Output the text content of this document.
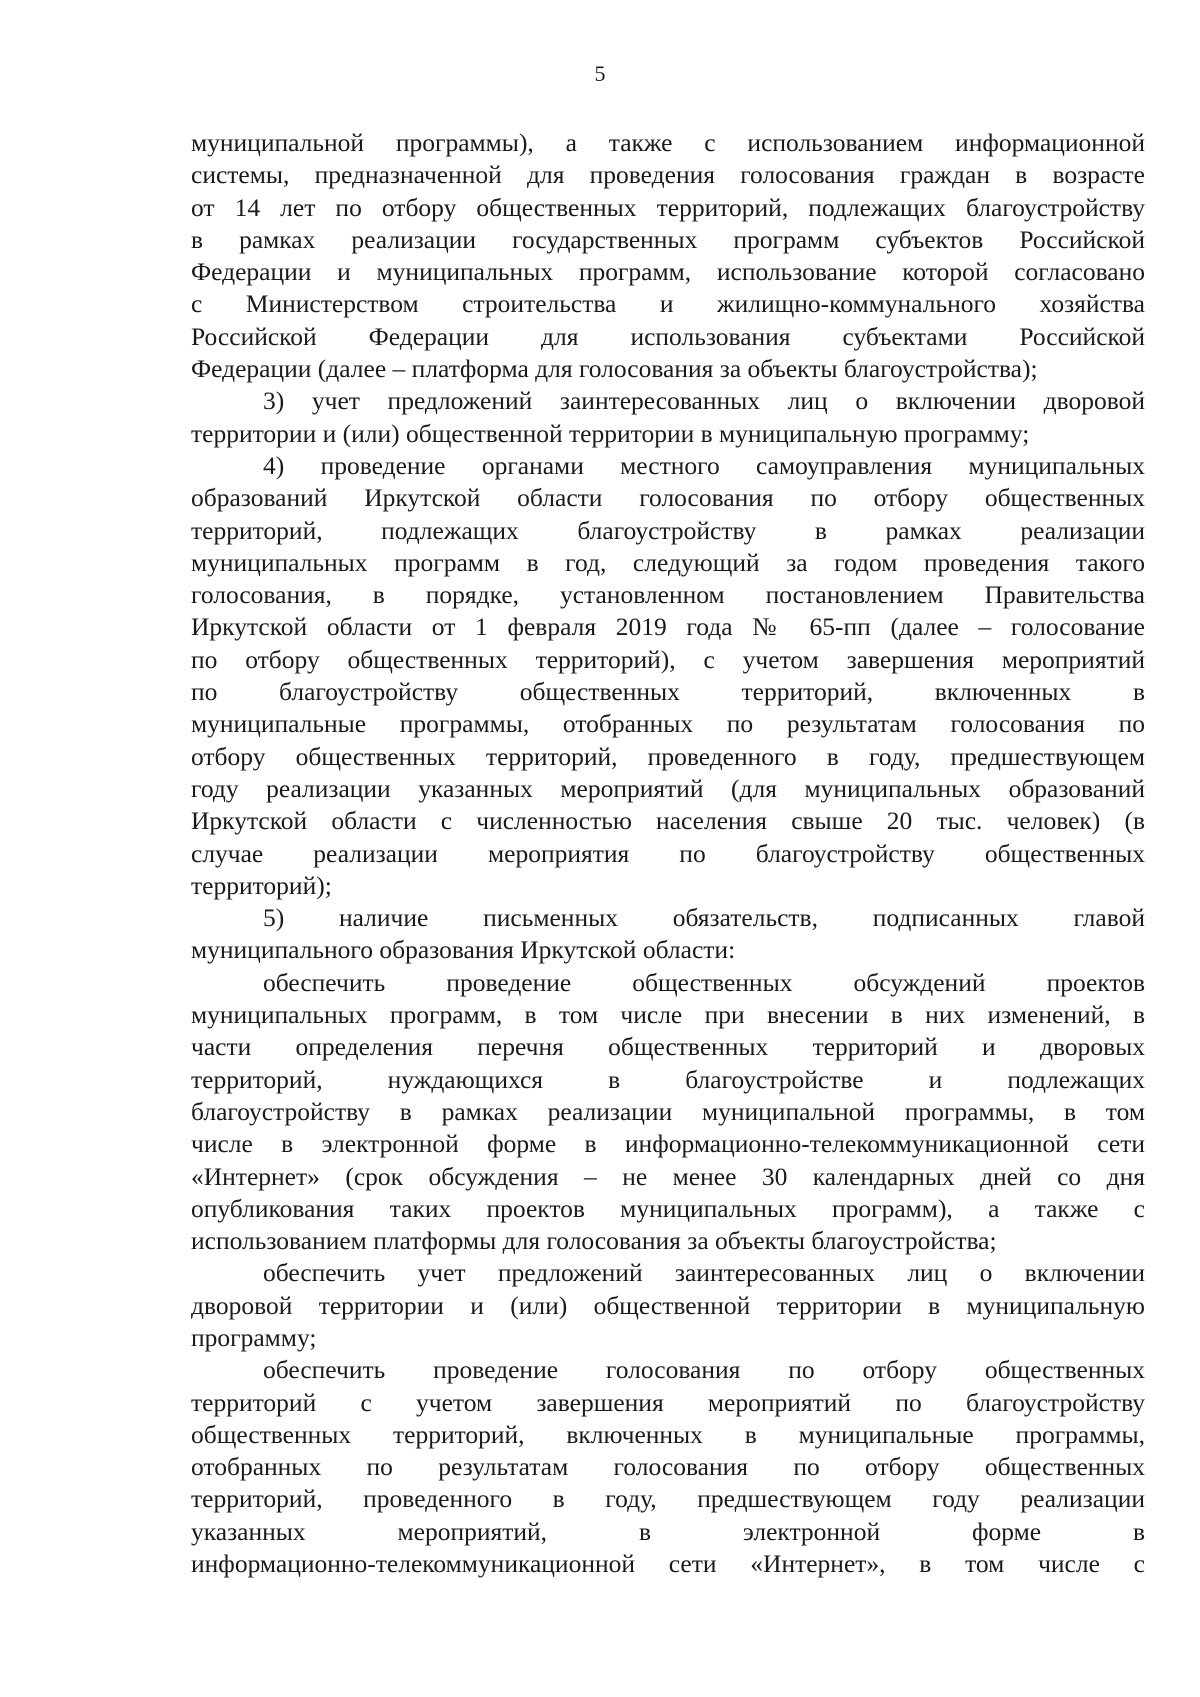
5
муниципальной программы), а также с использованием информационной
системы, предназначенной для проведения голосования граждан в возрасте
от 14 лет по отбору общественных территорий, подлежащих благоустройству
в рамках реализации государственных программ субъектов Российской
Федерации и муниципальных программ, использование которой согласовано
с Министерством строительства и жилищно-коммунального хозяйства
Российской Федерации для использования субъектами Российской
Федерации (далее – платформа для голосования за объекты благоустройства);
3) учет предложений заинтересованных лиц о включении дворовой
территории и (или) общественной территории в муниципальную программу;
4) проведение органами местного самоуправления муниципальных
образований Иркутской области голосования по отбору общественных
территорий, подлежащих благоустройству в рамках реализации
муниципальных программ в год, следующий за годом проведения такого
голосования, в порядке, установленном постановлением Правительства
Иркутской области от 1 февраля 2019 года № 65-пп (далее – голосование
по отбору общественных территорий), с учетом завершения мероприятий
по благоустройству общественных территорий, включенных в
муниципальные программы, отобранных по результатам голосования по
отбору общественных территорий, проведенного в году, предшествующем
году реализации указанных мероприятий (для муниципальных образований
Иркутской области с численностью населения свыше 20 тыс. человек) (в
случае реализации мероприятия по благоустройству общественных
территорий);
5) наличие письменных обязательств, подписанных главой
муниципального образования Иркутской области:
обеспечить проведение общественных обсуждений проектов
муниципальных программ, в том числе при внесении в них изменений, в
части определения перечня общественных территорий и дворовых
территорий, нуждающихся в благоустройстве и подлежащих
благоустройству в рамках реализации муниципальной программы, в том
числе в электронной форме в информационно-телекоммуникационной сети
«Интернет» (срок обсуждения – не менее 30 календарных дней со дня
опубликования таких проектов муниципальных программ), а также с
использованием платформы для голосования за объекты благоустройства;
обеспечить учет предложений заинтересованных лиц о включении
дворовой территории и (или) общественной территории в муниципальную
программу;
обеспечить проведение голосования по отбору общественных
территорий с учетом завершения мероприятий по благоустройству
общественных территорий, включенных в муниципальные программы,
отобранных по результатам голосования по отбору общественных
территорий, проведенного в году, предшествующем году реализации
указанных мероприятий, в электронной форме в
информационно-телекоммуникационной сети «Интернет», в том числе с
